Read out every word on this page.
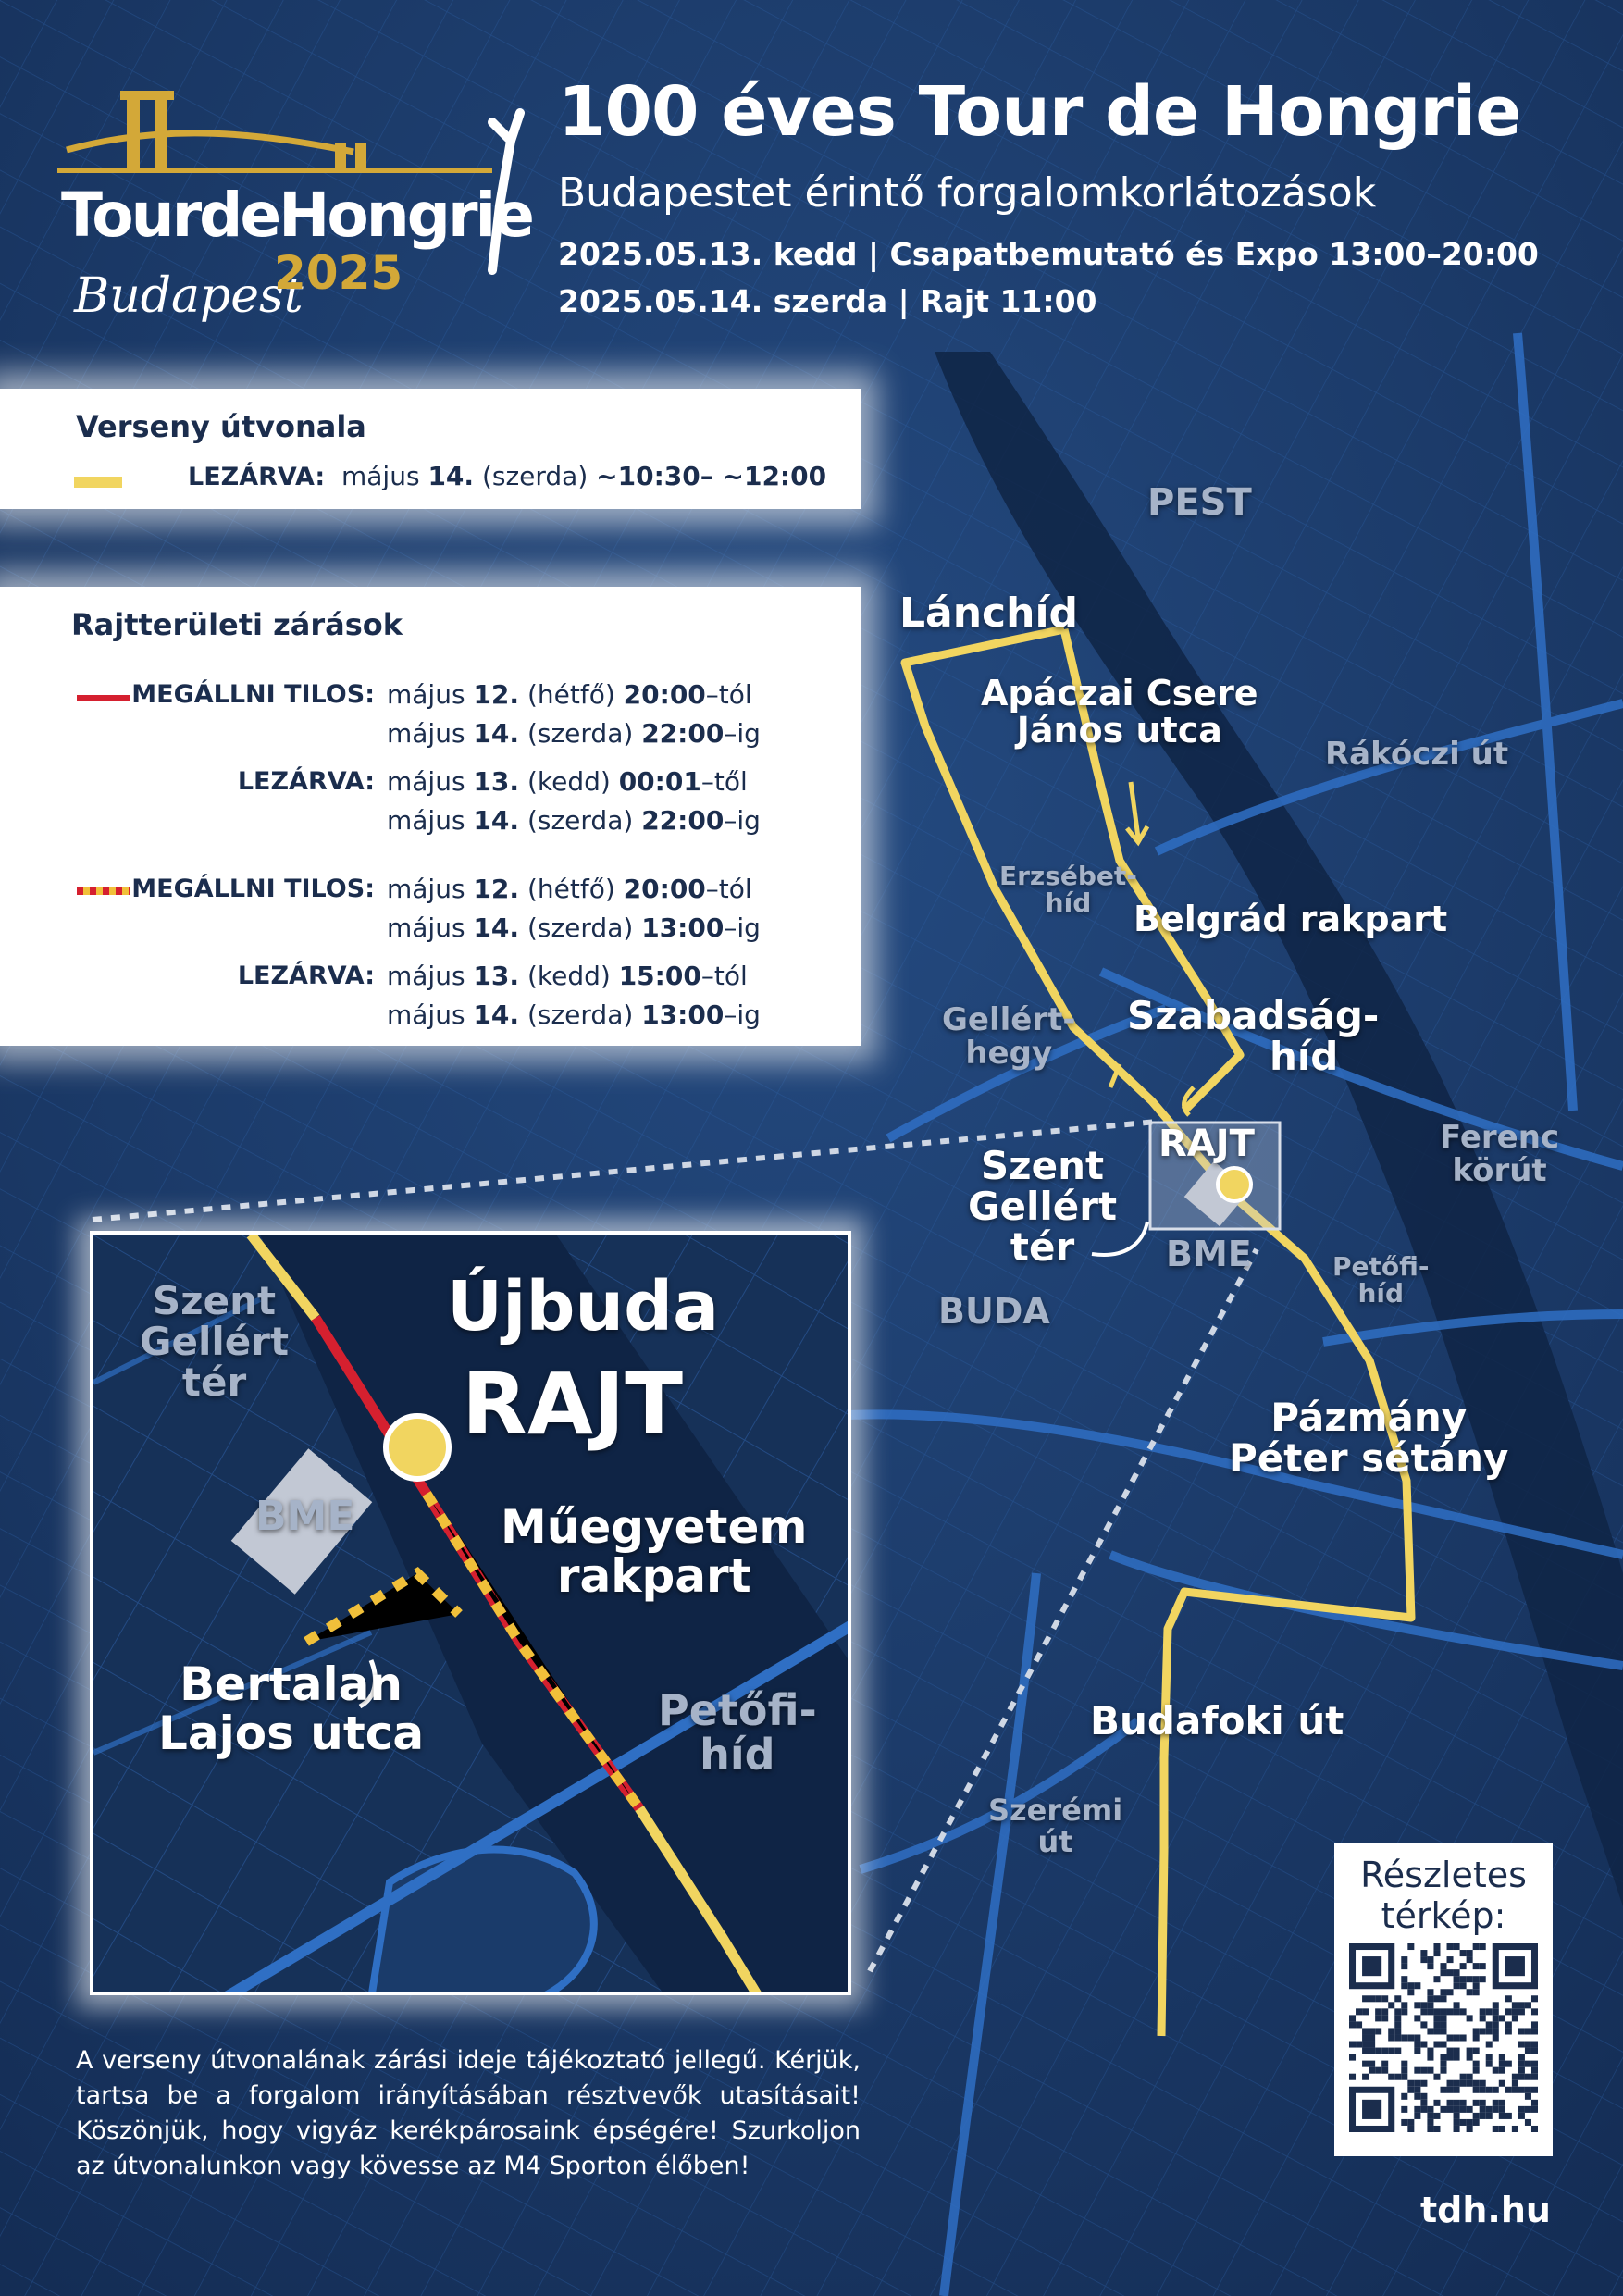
TourdeHongrie
Budapest
2025
100 éves Tour de Hongrie
Budapestet érintő forgalomkorlátozások
2025.05.13. kedd | Csapatbemutató és Expo 13:00–20:00
2025.05.14. szerda | Rajt 11:00
Verseny útvonala
LEZÁRVA: május 14. (szerda) ~10:30– ~12:00
Rajtterületi zárások
MEGÁLLNI TILOS: május 12. (hétfő) 20:00–tól
május 14. (szerda) 22:00–ig
LEZÁRVA: május 13. (kedd) 00:01–től
május 14. (szerda) 22:00–ig
MEGÁLLNI TILOS: május 12. (hétfő) 20:00–tól
május 14. (szerda) 13:00–ig
LEZÁRVA: május 13. (kedd) 15:00–tól
május 14. (szerda) 13:00–ig
PEST
Lánchíd
Apáczai Csere
János utca
Rákóczi út
Erzsébet-
híd	Belgrád rakpart
Gellért-
hegy
Szabadság-
híd
Ferenc
körút
RAJT
Szent
Gellért
tér	BME	Petőfi-
híd
BUDA
Pázmány
Péter sétány
Budafoki út
Szerémi
út
Szent
Gellért
tér
Újbuda
RAJT
BME	Műegyetem
rakpart
Bertalan
Lajos utca	Petőfi-
híd
A verseny útvonalának zárási ideje tájékoztató jellegű. Kérjük, tartsa be a forgalom irányításában résztvevők utasításait! Köszönjük, hogy vigyáz kerékpárosaink épségére! Szurkoljon az útvonalunkon vagy kövesse az M4 Sporton élőben!
Részletes
térkép:
tdh.hu
